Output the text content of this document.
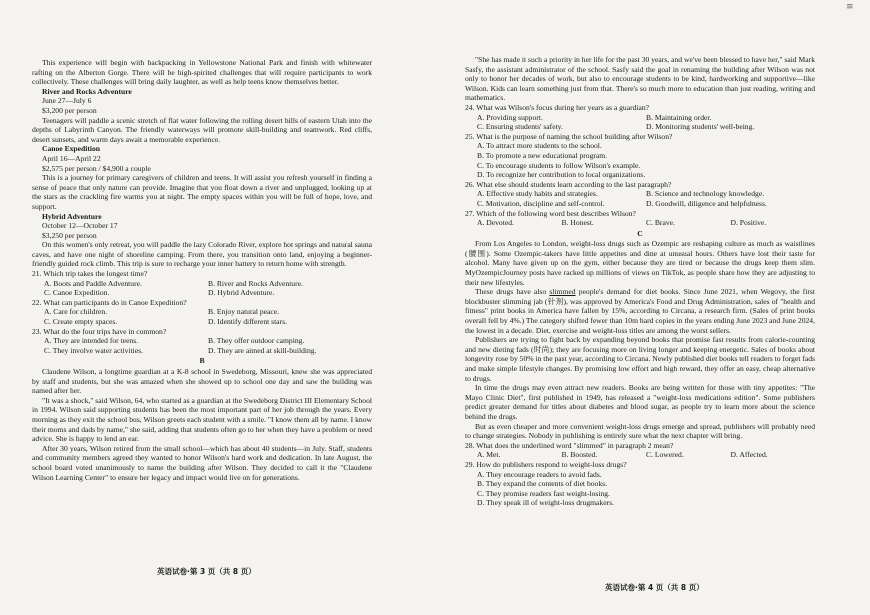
≡

This experience will begin with backpacking in Yellowstone National Park and finish with whitewater rafting on the Alberton Gorge. There will be high-spirited challenges that will require participants to work collectively. These challenges will bring daily laughter, as well as help teens know themselves better.

River and Rocks Adventure

June 27—July 6

$3,200 per person

Teenagers will paddle a scenic stretch of flat water following the rolling desert hills of eastern Utah into the depths of Labyrinth Canyon. The friendly waterways will promote skill-building and teamwork. Red cliffs, desert sunsets, and warm days await a memorable experience.

Canoe Expedition

April 16—April 22

$2,575 per person / $4,900 a couple

This is a journey for primary caregivers of children and teens. It will assist you refresh yourself in finding a sense of peace that only nature can provide. Imagine that you float down a river and unplugged, looking up at the stars as the crackling fire warms you at night. The empty spaces within you will be full of hope, love, and support.

Hybrid Adventure

October 12—October 17

$3,250 per person

On this women's only retreat, you will paddle the lazy Colorado River, explore hot springs and natural sauna caves, and have one night of shoreline camping. From there, you transition onto land, enjoying a beginner-friendly guided rock climb. This trip is sure to recharge your inner battery to return home with strength.

21. Which trip takes the longest time?

A. Boots and Paddle Adventure.	B. River and Rocks Adventure.
C. Canoe Expedition.	D. Hybrid Adventure.

22. What can participants do in Canoe Expedition?

A. Care for children.	B. Enjoy natural peace.
C. Create empty spaces.	D. Identify different stars.

23. What do the four trips have in common?

A. They are intended for teens.	B. They offer outdoor camping.
C. They involve water activities.	D. They are aimed at skill-building.
B

Claudene Wilson, a longtime guardian at a K-8 school in Swedeborg, Missouri, knew she was appreciated by staff and students, but she was amazed when she showed up to school one day and saw the building was named after her.

"It was a shock," said Wilson, 64, who started as a guardian at the Swedeborg District III Elementary School in 1994. Wilson said supporting students has been the most important part of her job through the years. Every morning as they exit the school bus, Wilson greets each student with a smile. "I know them all by name. I know their moms and dads by name," she said, adding that students often go to her when they have a problem or need advice. She is happy to lend an ear.

After 30 years, Wilson retired from the small school—which has about 40 students—in July. Staff, students and community members agreed they wanted to honor Wilson's hard work and dedication. In late August, the school board voted unanimously to name the building after Wilson. They decided to call it the "Claudene Wilson Learning Center" to ensure her legacy and impact would live on for generations.

"She has made it such a priority in her life for the past 30 years, and we've been blessed to have her," said Mark Sasfy, the assistant administrator of the school. Sasfy said the goal in renaming the building after Wilson was not only to honor her decades of work, but also to encourage students to be kind, hardworking and supportive—like Wilson. Kids can learn something just from that. There's so much more to education than just reading, writing and mathematics.

24. What was Wilson's focus during her years as a guardian?

A. Providing support.	B. Maintaining order.
C. Ensuring students' safety.	D. Monitoring students' well-being.

25. What is the purpose of naming the school building after Wilson?

A. To attract more students to the school.
B. To promote a new educational program.
C. To encourage students to follow Wilson's example.
D. To recognize her contribution to local organizations.

26. What else should students learn according to the last paragraph?

A. Effective study habits and strategies.	B. Science and technology knowledge.
C. Motivation, discipline and self-control.	D. Goodwill, diligence and helpfulness.

27. Which of the following word best describes Wilson?

A. Devoted.	B. Honest.	C. Brave.	D. Positive.
C

From Los Angeles to London, weight-loss drugs such as Ozempic are reshaping culture as much as waistlines (腰围). Some Ozempic-takers have little appetites and dine at unusual hours. Others have lost their taste for alcohol. Many have given up on the gym, either because they are tired or because the drugs keep them slim. MyOzempicJourney posts have racked up millions of views on TikTok, as people share how they are adjusting to their new lifestyles.

These drugs have also slimmed people's demand for diet books. Since June 2021, when Wegovy, the first blockbuster slimming jab (针剂), was approved by America's Food and Drug Administration, sales of "health and fitness" print books in America have fallen by 15%, according to Circana, a research firm. (Sales of print books overall fell by 4%.) The category shifted fewer than 10m hard copies in the years ending June 2023 and June 2024, the lowest in a decade. Diet, exercise and weight-loss titles are among the worst sellers.

Publishers are trying to fight back by expanding beyond books that promise fast results from calorie-counting and new dieting fads (时尚); they are focusing more on living longer and keeping energetic. Sales of books about longevity rose by 50% in the past year, according to Circana. Newly published diet books tell readers to forget fads and make simple lifestyle changes. By promising low effort and high reward, they offer an easy, cheap alternative to drugs.

In time the drugs may even attract new readers. Books are being written for those with tiny appetites: "The Mayo Clinic Diet", first published in 1949, has released a "weight-loss medications edition". Some publishers predict greater demand for titles about diabetes and blood sugar, as people try to learn more about the science behind the drugs.

But as even cheaper and more convenient weight-loss drugs emerge and spread, publishers will probably need to change strategies. Nobody in publishing is entirely sure what the next chapter will bring.

28. What does the underlined word "slimmed" in paragraph 2 mean?

A. Met.	B. Boosted.	C. Lowered.	D. Affected.

29. How do publishers respond to weight-loss drugs?

A. They encourage readers to avoid fads.
B. They expand the contents of diet books.
C. They promise readers fast weight-losing.
D. They speak ill of weight-loss drugmakers.
英语试卷·第 3 页（共 8 页）
英语试卷·第 4 页（共 8 页）
